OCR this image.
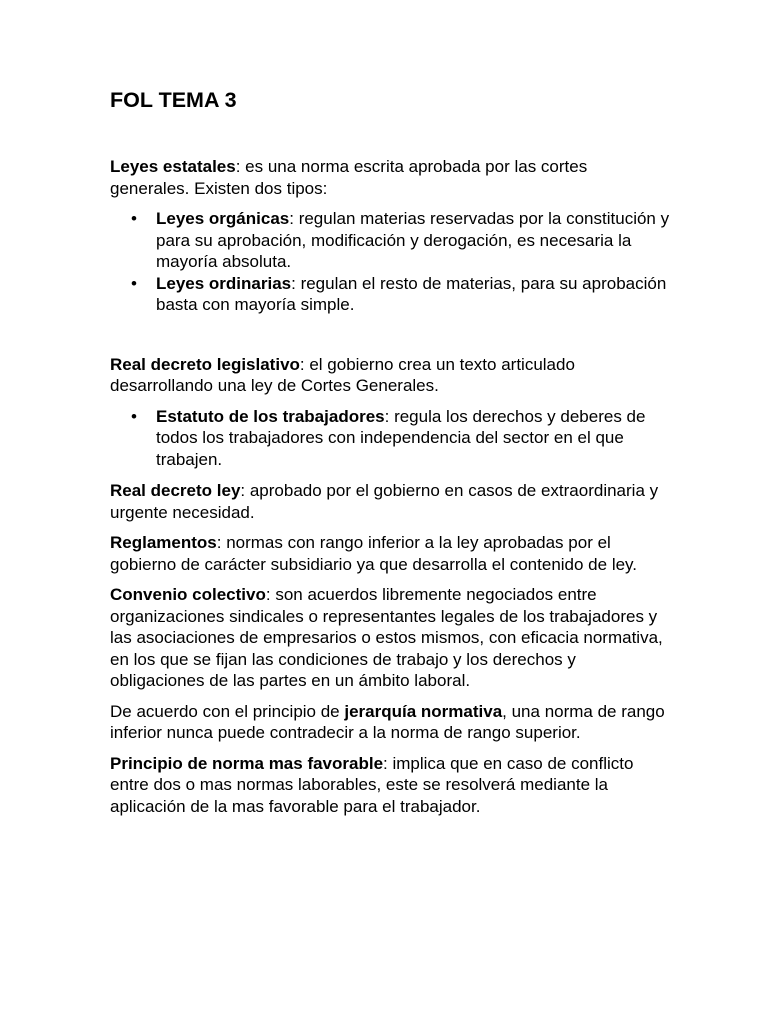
FOL TEMA 3

Leyes estatales: es una norma escrita aprobada por las cortes generales. Existen dos tipos:

• Leyes orgánicas: regulan materias reservadas por la constitución y para su aprobación, modificación y derogación, es necesaria la mayoría absoluta.
• Leyes ordinarias: regulan el resto de materias, para su aprobación basta con mayoría simple.

Real decreto legislativo: el gobierno crea un texto articulado desarrollando una ley de Cortes Generales.

• Estatuto de los trabajadores: regula los derechos y deberes de todos los trabajadores con independencia del sector en el que trabajen.

Real decreto ley: aprobado por el gobierno en casos de extraordinaria y urgente necesidad.

Reglamentos: normas con rango inferior a la ley aprobadas por el gobierno de carácter subsidiario ya que desarrolla el contenido de ley.

Convenio colectivo: son acuerdos libremente negociados entre organizaciones sindicales o representantes legales de los trabajadores y las asociaciones de empresarios o estos mismos, con eficacia normativa, en los que se fijan las condiciones de trabajo y los derechos y obligaciones de las partes en un ámbito laboral.

De acuerdo con el principio de jerarquía normativa, una norma de rango inferior nunca puede contradecir a la norma de rango superior.

Principio de norma mas favorable: implica que en caso de conflicto entre dos o mas normas laborables, este se resolverá mediante la aplicación de la mas favorable para el trabajador.
